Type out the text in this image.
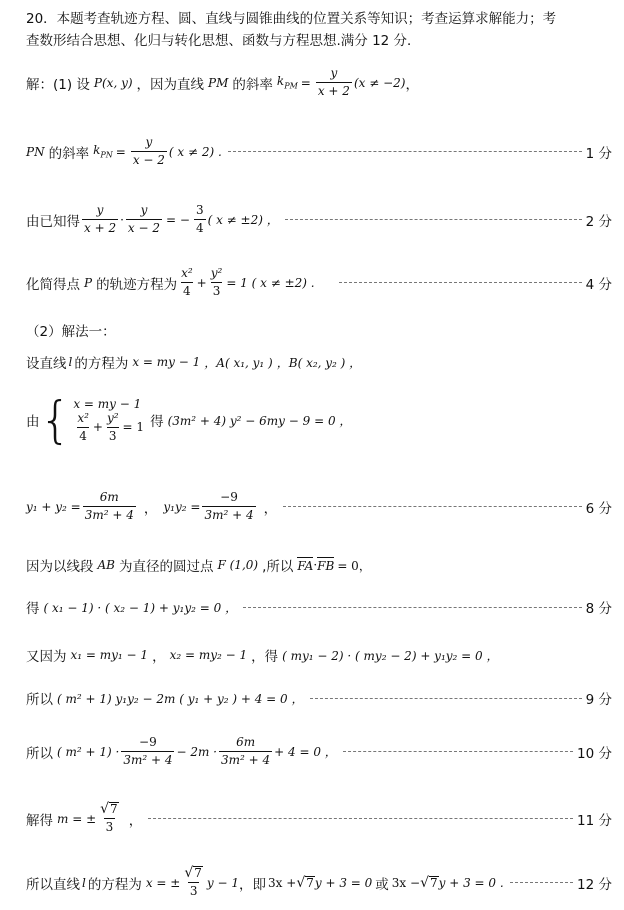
20．本题考查轨迹方程、圆、直线与圆锥曲线的位置关系等知识；考查运算求解能力；考
查数形结合思想、化归与转化思想、函数与方程思想.满分 12 分．
解：(1) 设 P(x, y) ，因为直线 PM 的斜率 $k_{PM} = \frac{y}{x + 2} (x \ne -2)$ ，
PN 的斜率 $k_{PN} = \frac{y}{x - 2}$ ( x ≠ 2) .	1 分
由已知得 $\frac{y}{x + 2} \cdot \frac{y}{x - 2}$ = − $\frac{3}{4}$ ( x ≠ ±2) ，	2 分
化简得点 P 的轨迹方程为 $\frac{\text{x²}}{4} + \frac{\text{y²}}{3} = 1$ ( x ≠ ±2) .	4 分
（2）解法一：
设直线 l 的方程为 x = my − 1 ，A( x₁, y₁ ) ，B( x₂, y₂ ) ，
由 { x = my − 1
$\frac{\text{x²}}{4} + \frac{\text{y²}}{3} = 1$ 得 (3m² + 4) y² − 6my − 9 = 0 ，
$y_1 + y_2 = \frac{6m}{\text{3m² + 4}}$ ， $y_1y_2 = \frac{-9}{\text{3m² + 4}}$ ，	6 分
因为以线段 AB 为直径的圆过点 F (1,0) ,所以 FA · FB = 0，
得 ( x₁ − 1) · ( x₂ − 1) + y₁y₂ = 0 ，	8 分
又因为 x₁ = my₁ − 1 ， x₂ = my₂ − 1 ，得 ( my₁ − 2) · ( my₂ − 2) + y₁y₂ = 0 ，
所以 ( m² + 1) y₁y₂ − 2m ( y₁ + y₂ ) + 4 = 0 ，	9 分
所以 ( $m^2 + 1) \cdot \frac{-9}{\text{3m² + 4}} - 2m \cdot \frac{6m}{\text{3m² + 4}} + 4 = 0$ ，	10 分
解得 m = ± $\frac{√ 7}{3}$ ，	11 分
所以直线 l 的方程为 x = ± $\frac{√ 7}{3}$ y − 1 ，即 3x + √ 7 y + 3 = 0 或 3x − √ 7 y + 3 = 0 .	12 分
